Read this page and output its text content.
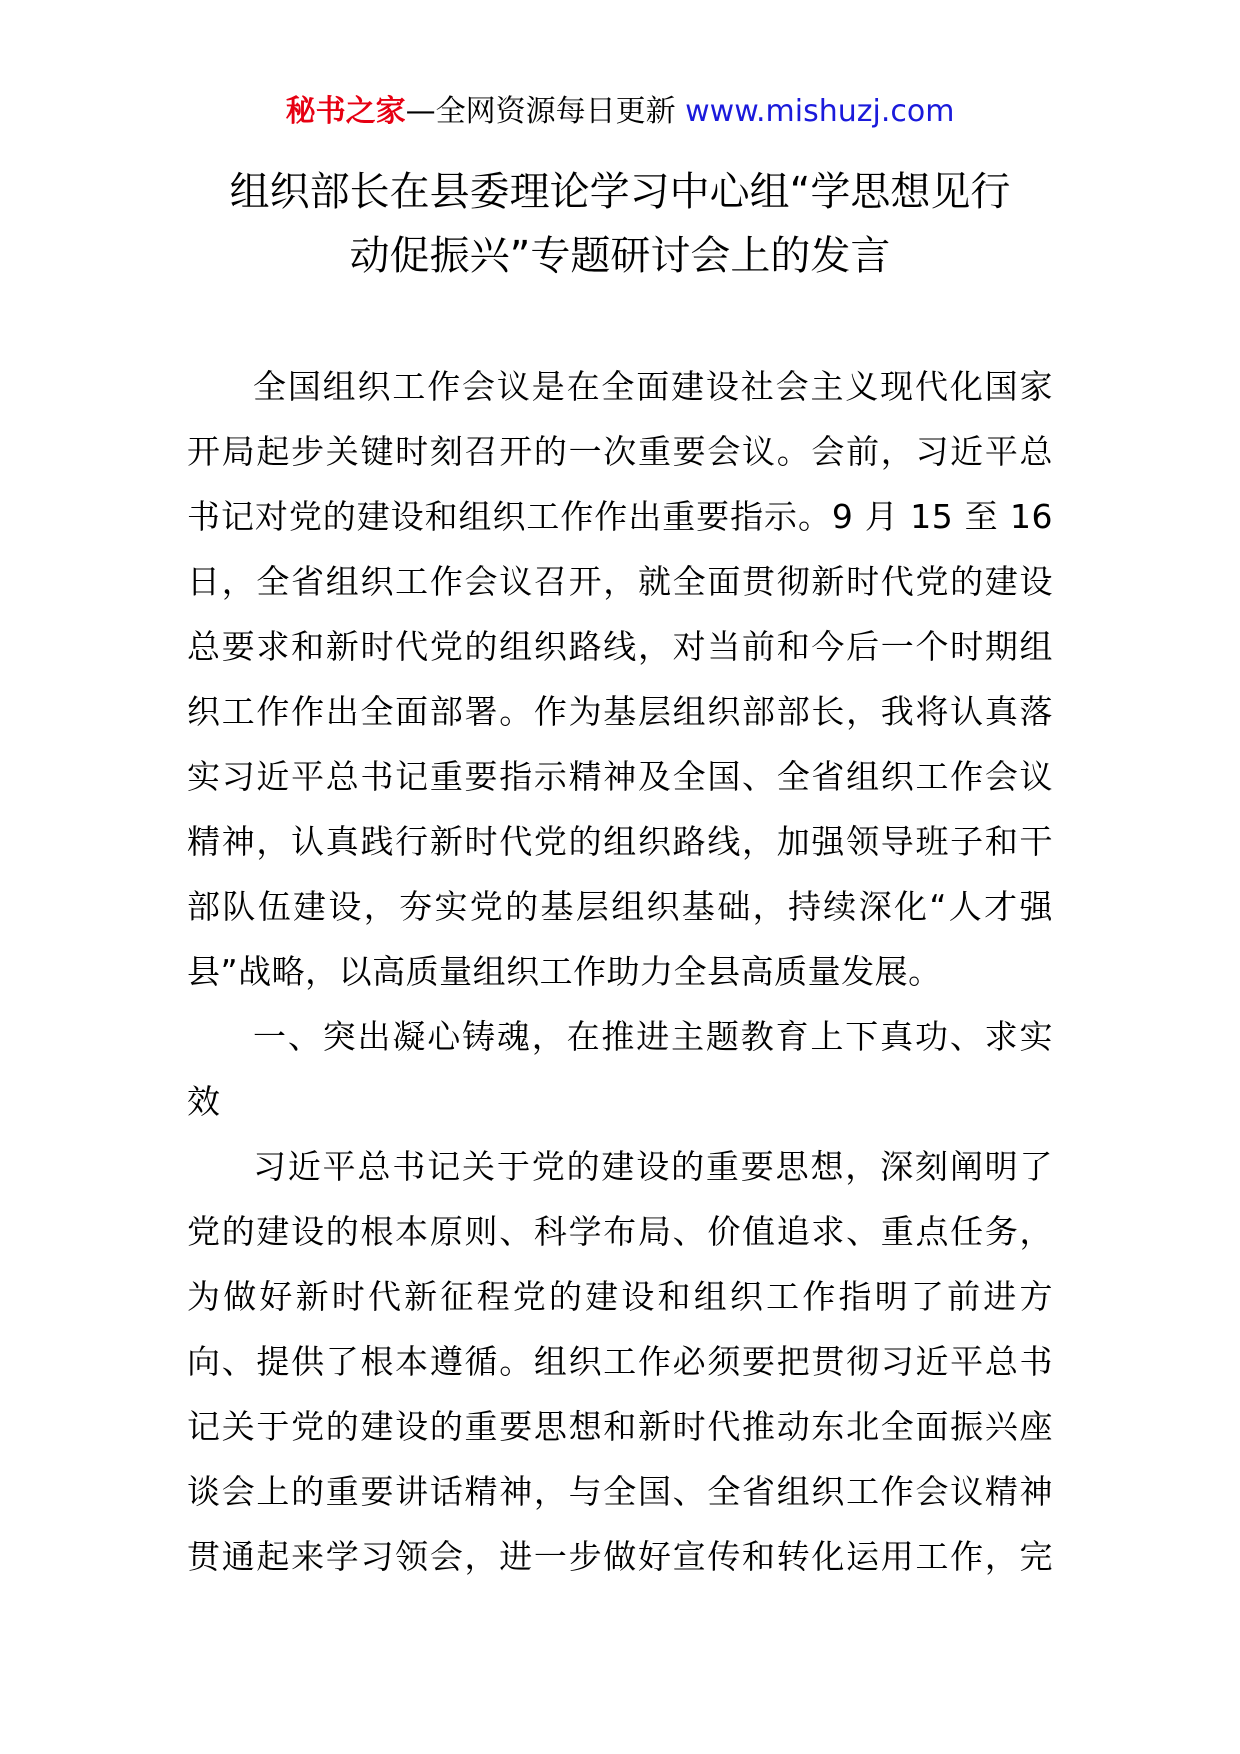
秘书之家—全网资源每日更新 www.mishuzj.com
组织部长在县委理论学习中心组“学思想见行
动促振兴”专题研讨会上的发言
全国组织工作会议是在全面建设社会主义现代化国家
开局起步关键时刻召开的一次重要会议。会前，习近平总
书记对党的建设和组织工作作出重要指示。9 月 15 至 16
日，全省组织工作会议召开，就全面贯彻新时代党的建设
总要求和新时代党的组织路线，对当前和今后一个时期组
织工作作出全面部署。作为基层组织部部长，我将认真落
实习近平总书记重要指示精神及全国、全省组织工作会议
精神，认真践行新时代党的组织路线，加强领导班子和干
部队伍建设，夯实党的基层组织基础，持续深化“人才强
县”战略，以高质量组织工作助力全县高质量发展。
一、突出凝心铸魂，在推进主题教育上下真功、求实
效
习近平总书记关于党的建设的重要思想，深刻阐明了
党的建设的根本原则、科学布局、价值追求、重点任务，
为做好新时代新征程党的建设和组织工作指明了前进方
向、提供了根本遵循。组织工作必须要把贯彻习近平总书
记关于党的建设的重要思想和新时代推动东北全面振兴座
谈会上的重要讲话精神，与全国、全省组织工作会议精神
贯通起来学习领会，进一步做好宣传和转化运用工作，完
